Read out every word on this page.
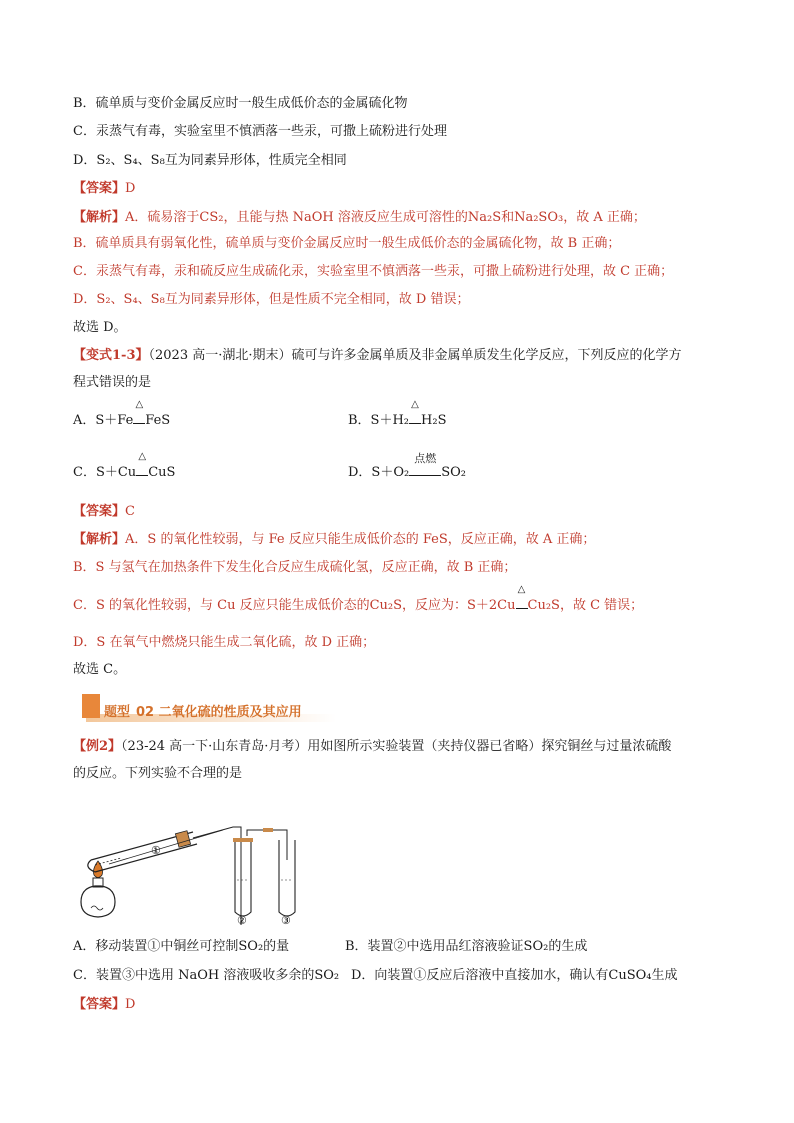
B．硫单质与变价金属反应时一般生成低价态的金属硫化物
C．汞蒸气有毒，实验室里不慎洒落一些汞，可撒上硫粉进行处理
D．S₂、S₄、S₈互为同素异形体，性质完全相同
【答案】D
【解析】A．硫易溶于CS₂，且能与热 NaOH 溶液反应生成可溶性的Na₂S和Na₂SO₃，故 A 正确；
B．硫单质具有弱氧化性，硫单质与变价金属反应时一般生成低价态的金属硫化物，故 B 正确；
C．汞蒸气有毒，汞和硫反应生成硫化汞，实验室里不慎洒落一些汞，可撒上硫粉进行处理，故 C 正确；
D．S₂、S₄、S₈互为同素异形体，但是性质不完全相同，故 D 错误；
故选 D。
【变式1-3】（2023 高一·湖北·期末）硫可与许多金属单质及非金属单质发生化学反应，下列反应的化学方
程式错误的是
A．S＋Fe
△
FeS	B．S＋H₂
△
H₂S
C．S＋Cu
△
CuS	D．S＋O₂
点燃
SO₂
【答案】C
【解析】A．S 的氧化性较弱，与 Fe 反应只能生成低价态的 FeS，反应正确，故 A 正确；
B．S 与氢气在加热条件下发生化合反应生成硫化氢，反应正确，故 B 正确；
C．S 的氧化性较弱，与 Cu 反应只能生成低价态的Cu₂S，反应为：S＋2Cu
△
Cu₂S，故 C 错误；
D．S 在氧气中燃烧只能生成二氧化硫，故 D 正确；
故选 C。
题型 02 二氧化硫的性质及其应用
【例2】（23-24 高一下·山东青岛·月考）用如图所示实验装置（夹持仪器已省略）探究铜丝与过量浓硫酸
的反应。下列实验不合理的是
①
②	③
A．移动装置①中铜丝可控制SO₂的量	B．装置②中选用品红溶液验证SO₂的生成
C．装置③中选用 NaOH 溶液吸收多余的SO₂ D．向装置①反应后溶液中直接加水，确认有CuSO₄生成
【答案】D
